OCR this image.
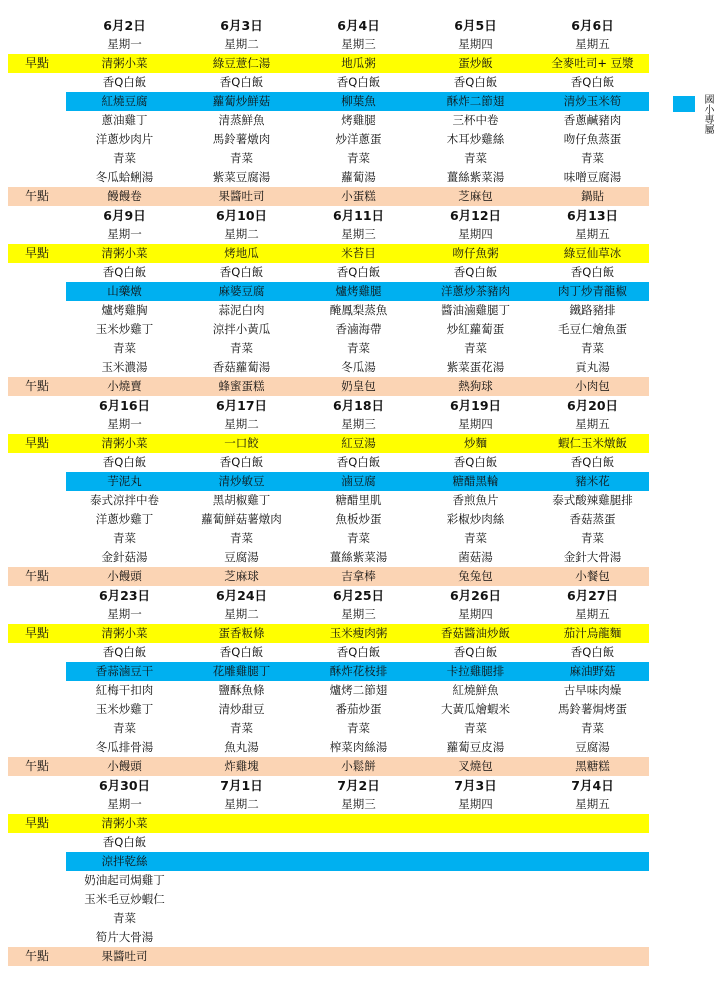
6月2日	6月3日	6月4日	6月5日	6月6日
星期一	星期二	星期三	星期四	星期五
早點	清粥小菜	綠豆薏仁湯	地瓜粥	蛋炒飯	全麥吐司+ 豆漿
香Q白飯	香Q白飯	香Q白飯	香Q白飯	香Q白飯
紅燒豆腐	蘿蔔炒鮮菇	柳葉魚	酥炸二節翅	清炒玉米筍
蔥油雞丁	清蒸鮮魚	烤雞腿	三杯中卷	香蔥鹹豬肉
洋蔥炒肉片	馬鈴薯燉肉	炒洋蔥蛋	木耳炒雞絲	吻仔魚蒸蛋
青菜	青菜	青菜	青菜	青菜
冬瓜蛤蜊湯	紫菜豆腐湯	蘿蔔湯	薑絲紫菜湯	味噌豆腐湯
午點	饅饅卷	果醬吐司	小蛋糕	芝麻包	鍋貼
6月9日	6月10日	6月11日	6月12日	6月13日
星期一	星期二	星期三	星期四	星期五
早點	清粥小菜	烤地瓜	米苔目	吻仔魚粥	綠豆仙草冰
香Q白飯	香Q白飯	香Q白飯	香Q白飯	香Q白飯
山藥燉	麻婆豆腐	爐烤雞腿	洋蔥炒茶豬肉	肉丁炒青龍椒
爐烤雞胸	蒜泥白肉	醃鳳梨蒸魚	醬油滷雞腿丁	鐵路豬排
玉米炒雞丁	涼拌小黃瓜	香滷海帶	炒紅蘿蔔蛋	毛豆仁燴魚蛋
青菜	青菜	青菜	青菜	青菜
玉米濃湯	香菇蘿蔔湯	冬瓜湯	紫菜蛋花湯	貢丸湯
午點	小燒賣	蜂蜜蛋糕	奶皇包	熱狗球	小肉包
6月16日	6月17日	6月18日	6月19日	6月20日
星期一	星期二	星期三	星期四	星期五
早點	清粥小菜	一口餃	紅豆湯	炒麵	蝦仁玉米燉飯
香Q白飯	香Q白飯	香Q白飯	香Q白飯	香Q白飯
芋泥丸	清炒敏豆	滷豆腐	糖醋黑輪	豬米花
泰式涼拌中卷	黑胡椒雞丁	糖醋里肌	香煎魚片	泰式酸辣雞腿排
洋蔥炒雞丁	蘿蔔鮮菇薯燉肉	魚板炒蛋	彩椒炒肉絲	香菇蒸蛋
青菜	青菜	青菜	青菜	青菜
金針菇湯	豆腐湯	薑絲紫菜湯	菌菇湯	金針大骨湯
午點	小饅頭	芝麻球	吉拿棒	兔兔包	小餐包
6月23日	6月24日	6月25日	6月26日	6月27日
星期一	星期二	星期三	星期四	星期五
早點	清粥小菜	蛋香粄條	玉米瘦肉粥	香菇醬油炒飯	茄汁烏龍麵
香Q白飯	香Q白飯	香Q白飯	香Q白飯	香Q白飯
香蒜滷豆干	花雕雞腿丁	酥炸花枝排	卡拉雞腿排	麻油野菇
紅梅干扣肉	鹽酥魚條	爐烤二節翅	紅燒鮮魚	古早味肉燥
玉米炒雞丁	清炒甜豆	番茄炒蛋	大黃瓜燴蝦米	馬鈴薯焗烤蛋
青菜	青菜	青菜	青菜	青菜
冬瓜排骨湯	魚丸湯	榨菜肉絲湯	蘿蔔豆皮湯	豆腐湯
午點	小饅頭	炸雞塊	小鬆餅	叉燒包	黑糖糕
6月30日	7月1日	7月2日	7月3日	7月4日
星期一	星期二	星期三	星期四	星期五
早點	清粥小菜
香Q白飯
涼拌乾絲
奶油起司焗雞丁
玉米毛豆炒蝦仁
青菜
筍片大骨湯
午點	果醬吐司
國小專屬
